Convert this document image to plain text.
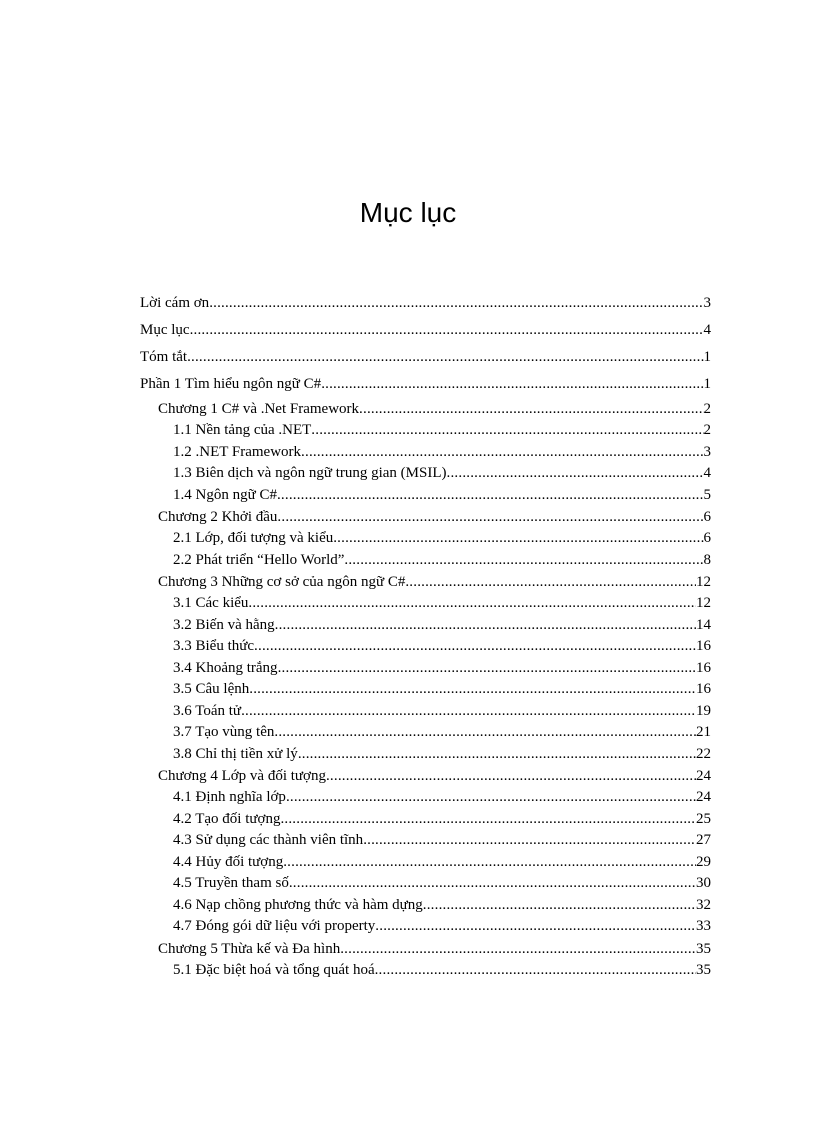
Mục lục
Lời cám ơn .....	3
Mục lục .....	4
Tóm tắt .....	1
Phần 1 Tìm hiểu ngôn ngữ C# .....	1
Chương 1 C# và .Net Framework .....	2
1.1 Nền tảng của .NET .....	2
1.2 .NET Framework .....	3
1.3 Biên dịch và ngôn ngữ trung gian (MSIL) .....	4
1.4 Ngôn ngữ C# .....	5
Chương 2 Khởi đầu .....	6
2.1 Lớp, đối tượng và kiểu .....	6
2.2 Phát triển “Hello World” .....	8
Chương 3 Những cơ sở của ngôn ngữ C# .....	12
3.1 Các kiểu .....	12
3.2 Biến và hằng .....	14
3.3 Biểu thức .....	16
3.4 Khoảng trắng .....	16
3.5 Câu lệnh .....	16
3.6 Toán tử .....	19
3.7 Tạo vùng tên .....	21
3.8 Chỉ thị tiền xử lý .....	22
Chương 4 Lớp và đối tượng .....	24
4.1 Định nghĩa lớp .....	24
4.2 Tạo đối tượng .....	25
4.3 Sử dụng các thành viên tĩnh .....	27
4.4 Hủy đối tượng .....	29
4.5 Truyền tham số .....	30
4.6 Nạp chồng phương thức và hàm dựng .....	32
4.7 Đóng gói dữ liệu với property .....	33
Chương 5 Thừa kế và Đa hình .....	35
5.1 Đặc biệt hoá và tổng quát hoá .....	35
